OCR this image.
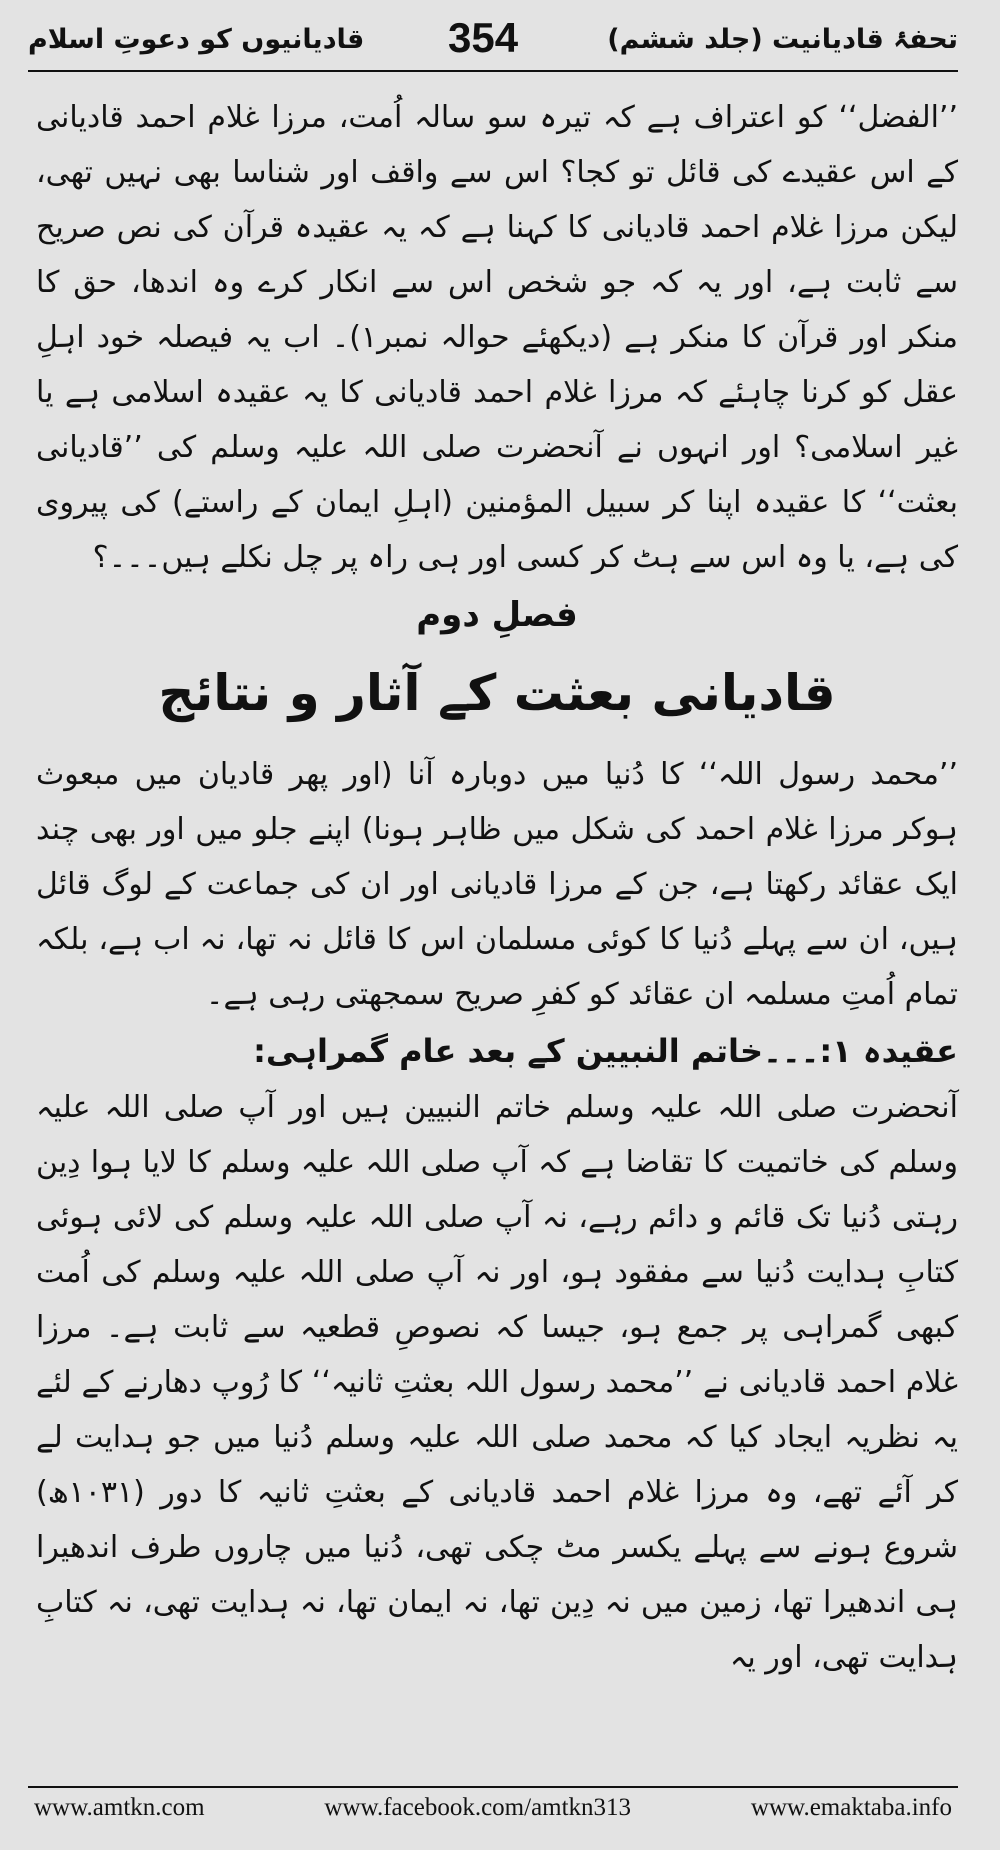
تحفۂ قادیانیت (جلد ششم)
354
قادیانیوں کو دعوتِ اسلام

’’الفضل‘‘ کو اعتراف ہے کہ تیرہ سو سالہ اُمت، مرزا غلام احمد قادیانی کے اس عقیدے کی قائل تو کجا؟ اس سے واقف اور شناسا بھی نہیں تھی، لیکن مرزا غلام احمد قادیانی کا کہنا ہے کہ یہ عقیدہ قرآن کی نص صریح سے ثابت ہے، اور یہ کہ جو شخص اس سے انکار کرے وہ اندھا، حق کا منکر اور قرآن کا منکر ہے (دیکھئے حوالہ نمبر۱)۔ اب یہ فیصلہ خود اہلِ عقل کو کرنا چاہئے کہ مرزا غلام احمد قادیانی کا یہ عقیدہ اسلامی ہے یا غیر اسلامی؟ اور انہوں نے آنحضرت صلی اللہ علیہ وسلم کی ’’قادیانی بعثت‘‘ کا عقیدہ اپنا کر سبیل المؤمنین (اہلِ ایمان کے راستے) کی پیروی کی ہے، یا وہ اس سے ہٹ کر کسی اور ہی راہ پر چل نکلے ہیں۔۔۔؟

فصلِ دوم

قادیانی بعثت کے آثار و نتائج

’’محمد رسول اللہ‘‘ کا دُنیا میں دوبارہ آنا (اور پھر قادیان میں مبعوث ہوکر مرزا غلام احمد کی شکل میں ظاہر ہونا) اپنے جلو میں اور بھی چند ایک عقائد رکھتا ہے، جن کے مرزا قادیانی اور ان کی جماعت کے لوگ قائل ہیں، ان سے پہلے دُنیا کا کوئی مسلمان اس کا قائل نہ تھا، نہ اب ہے، بلکہ تمام اُمتِ مسلمہ ان عقائد کو کفرِ صریح سمجھتی رہی ہے۔

عقیدہ ۱:۔۔۔خاتم النبیین کے بعد عام گمراہی:

آنحضرت صلی اللہ علیہ وسلم خاتم النبیین ہیں اور آپ صلی اللہ علیہ وسلم کی خاتمیت کا تقاضا ہے کہ آپ صلی اللہ علیہ وسلم کا لایا ہوا دِین رہتی دُنیا تک قائم و دائم رہے، نہ آپ صلی اللہ علیہ وسلم کی لائی ہوئی کتابِ ہدایت دُنیا سے مفقود ہو، اور نہ آپ صلی اللہ علیہ وسلم کی اُمت کبھی گمراہی پر جمع ہو، جیسا کہ نصوصِ قطعیہ سے ثابت ہے۔ مرزا غلام احمد قادیانی نے ’’محمد رسول اللہ بعثتِ ثانیہ‘‘ کا رُوپ دھارنے کے لئے یہ نظریہ ایجاد کیا کہ محمد صلی اللہ علیہ وسلم دُنیا میں جو ہدایت لے کر آئے تھے، وہ مرزا غلام احمد قادیانی کے بعثتِ ثانیہ کا دور (۱۰۳۱ھ) شروع ہونے سے پہلے یکسر مٹ چکی تھی، دُنیا میں چاروں طرف اندھیرا ہی اندھیرا تھا، زمین میں نہ دِین تھا، نہ ایمان تھا، نہ ہدایت تھی، نہ کتابِ ہدایت تھی، اور یہ

www.amtkn.com	www.facebook.com/amtkn313	www.emaktaba.info
